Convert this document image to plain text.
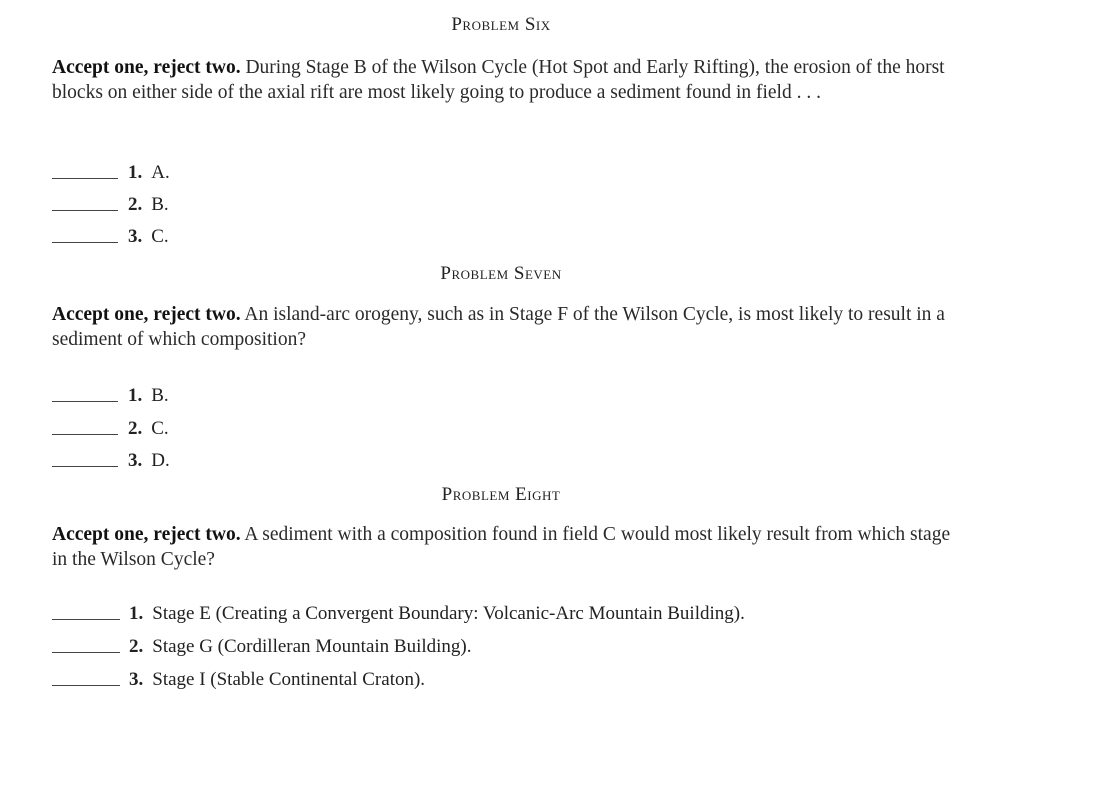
Problem Six
Accept one, reject two. During Stage B of the Wilson Cycle (Hot Spot and Early Rifting), the erosion of the horst blocks on either side of the axial rift are most likely going to produce a sediment found in field . . .
1. A.
2. B.
3. C.
Problem Seven
Accept one, reject two. An island-arc orogeny, such as in Stage F of the Wilson Cycle, is most likely to result in a sediment of which composition?
1. B.
2. C.
3. D.
Problem Eight
Accept one, reject two. A sediment with a composition found in field C would most likely result from which stage in the Wilson Cycle?
1. Stage E (Creating a Convergent Boundary: Volcanic-Arc Mountain Building).
2. Stage G (Cordilleran Mountain Building).
3. Stage I (Stable Continental Craton).
